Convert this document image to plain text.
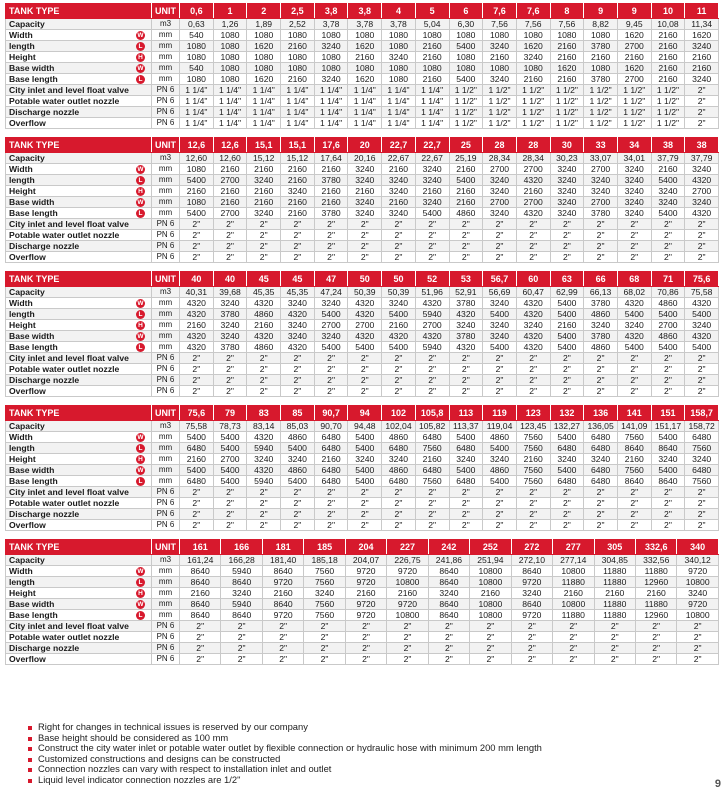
TANK TYPE	UNIT	0,6	1	2	2,5	3,8	3,8	4	5	6	7,6	7,6	8	9	9	10	11
Capacity	m3	0,63	1,26	1,89	2,52	3,78	3,78	3,78	5,04	6,30	7,56	7,56	7,56	8,82	9,45	10,08	11,34
Width W	mm	540	1080	1080	1080	1080	1080	1080	1080	1080	1080	1080	1080	1080	1620	2160	1620
length L	mm	1080	1080	1620	2160	3240	1620	1080	2160	5400	3240	1620	2160	3780	2700	2160	3240
Height H	mm	1080	1080	1080	1080	1080	2160	3240	2160	1080	2160	3240	2160	2160	2160	2160	2160
Base width W	mm	540	1080	1080	1080	1080	1080	1080	1080	1080	1080	1080	1620	1080	1620	2160	2160
Base length L	mm	1080	1080	1620	2160	3240	1620	1080	2160	5400	3240	2160	2160	3780	2700	2160	3240
City inlet and level float valve	PN 6	1 1/4"	1 1/4"	1 1/4"	1 1/4"	1 1/4"	1 1/4"	1 1/4"	1 1/4"	1 1/2"	1 1/2"	1 1/2"	1 1/2"	1 1/2"	1 1/2"	1 1/2"	2"
Potable water outlet nozzle	PN 6	1 1/4"	1 1/4"	1 1/4"	1 1/4"	1 1/4"	1 1/4"	1 1/4"	1 1/4"	1 1/2"	1 1/2"	1 1/2"	1 1/2"	1 1/2"	1 1/2"	1 1/2"	2"
Discharge nozzle	PN 6	1 1/4"	1 1/4"	1 1/4"	1 1/4"	1 1/4"	1 1/4"	1 1/4"	1 1/4"	1 1/2"	1 1/2"	1 1/2"	1 1/2"	1 1/2"	1 1/2"	1 1/2"	2"
Overflow	PN 6	1 1/4"	1 1/4"	1 1/4"	1 1/4"	1 1/4"	1 1/4"	1 1/4"	1 1/4"	1 1/2"	1 1/2"	1 1/2"	1 1/2"	1 1/2"	1 1/2"	1 1/2"	2"
TANK TYPE	UNIT	12,6	12,6	15,1	15,1	17,6	20	22,7	22,7	25	28	28	30	33	34	38	38
Capacity	m3	12,60	12,60	15,12	15,12	17,64	20,16	22,67	22,67	25,19	28,34	28,34	30,23	33,07	34,01	37,79	37,79
Width W	mm	1080	2160	2160	2160	2160	3240	2160	3240	2160	2700	2700	3240	2700	3240	2160	3240
length L	mm	5400	2700	3240	2160	3780	3240	3240	3240	5400	3240	4320	3240	3240	3240	5400	4320
Height H	mm	2160	2160	2160	3240	2160	2160	3240	2160	2160	3240	2160	3240	3240	3240	3240	2700
Base width W	mm	1080	2160	2160	2160	2160	3240	2160	3240	2160	2700	2700	3240	2700	3240	3240	3240
Base length L	mm	5400	2700	3240	2160	3780	3240	3240	5400	4860	3240	4320	3240	3780	3240	5400	4320
City inlet and level float valve	PN 6	2"	2"	2"	2"	2"	2"	2"	2"	2"	2"	2"	2"	2"	2"	2"	2"
Potable water outlet nozzle	PN 6	2"	2"	2"	2"	2"	2"	2"	2"	2"	2"	2"	2"	2"	2"	2"	2"
Discharge nozzle	PN 6	2"	2"	2"	2"	2"	2"	2"	2"	2"	2"	2"	2"	2"	2"	2"	2"
Overflow	PN 6	2"	2"	2"	2"	2"	2"	2"	2"	2"	2"	2"	2"	2"	2"	2"	2"
TANK TYPE	UNIT	40	40	45	45	47	50	50	52	53	56,7	60	63	66	68	71	75,6
Capacity	m3	40,31	39,68	45,35	45,35	47,24	50,39	50,39	51,96	52,91	56,69	60,47	62,99	66,13	68,02	70,86	75,58
Width W	mm	4320	3240	4320	3240	3240	4320	3240	4320	3780	3240	4320	5400	3780	4320	4860	4320
length L	mm	4320	3780	4860	4320	5400	4320	5400	5940	4320	5400	4320	5400	4860	5400	5400	5400
Height H	mm	2160	3240	2160	3240	2700	2700	2160	2700	3240	3240	3240	2160	3240	3240	2700	3240
Base width W	mm	4320	3240	4320	3240	3240	4320	4320	4320	3780	3240	4320	5400	3780	4320	4860	4320
Base length L	mm	4320	3780	4860	4320	5400	5400	5400	5940	4320	5400	4320	5400	4860	5400	5400	5400
City inlet and level float valve	PN 6	2"	2"	2"	2"	2"	2"	2"	2"	2"	2"	2"	2"	2"	2"	2"	2"
Potable water outlet nozzle	PN 6	2"	2"	2"	2"	2"	2"	2"	2"	2"	2"	2"	2"	2"	2"	2"	2"
Discharge nozzle	PN 6	2"	2"	2"	2"	2"	2"	2"	2"	2"	2"	2"	2"	2"	2"	2"	2"
Overflow	PN 6	2"	2"	2"	2"	2"	2"	2"	2"	2"	2"	2"	2"	2"	2"	2"	2"
TANK TYPE	UNIT	75,6	79	83	85	90,7	94	102	105,8	113	119	123	132	136	141	151	158,7
Capacity	m3	75,58	78,73	83,14	85,03	90,70	94,48	102,04	105,82	113,37	119,04	123,45	132,27	136,05	141,09	151,17	158,72
Width W	mm	5400	5400	4320	4860	6480	5400	4860	6480	5400	4860	7560	5400	6480	7560	5400	6480
length L	mm	6480	5400	5940	5400	6480	5400	6480	7560	6480	5400	7560	6480	6480	8640	8640	7560
Height H	mm	2160	2700	3240	3240	2160	3240	3240	2160	3240	3240	2160	3240	3240	2160	3240	3240
Base width W	mm	5400	5400	4320	4860	6480	5400	4860	6480	5400	4860	7560	5400	6480	7560	5400	6480
Base length L	mm	6480	5400	5940	5400	6480	5400	6480	7560	6480	5400	7560	6480	6480	8640	8640	7560
City inlet and level float valve	PN 6	2"	2"	2"	2"	2"	2"	2"	2"	2"	2"	2"	2"	2"	2"	2"	2"
Potable water outlet nozzle	PN 6	2"	2"	2"	2"	2"	2"	2"	2"	2"	2"	2"	2"	2"	2"	2"	2"
Discharge nozzle	PN 6	2"	2"	2"	2"	2"	2"	2"	2"	2"	2"	2"	2"	2"	2"	2"	2"
Overflow	PN 6	2"	2"	2"	2"	2"	2"	2"	2"	2"	2"	2"	2"	2"	2"	2"	2"
TANK TYPE	UNIT	161	166	181	185	204	227	242	252	272	277	305	332,6	340
Capacity	m3	161,24	166,28	181,40	185,18	204,07	226,75	241,86	251,94	272,10	277,14	304,85	332,56	340,12
Width W	mm	8640	5940	8640	7560	9720	9720	8640	10800	8640	10800	11880	11880	9720
length L	mm	8640	8640	9720	7560	9720	10800	8640	10800	9720	11880	11880	12960	10800
Height H	mm	2160	3240	2160	3240	2160	2160	3240	2160	3240	2160	2160	2160	3240
Base width W	mm	8640	5940	8640	7560	9720	9720	8640	10800	8640	10800	11880	11880	9720
Base length L	mm	8640	8640	9720	7560	9720	10800	8640	10800	9720	11880	11880	12960	10800
City inlet and level float valve	PN 6	2"	2"	2"	2"	2"	2"	2"	2"	2"	2"	2"	2"	2"
Potable water outlet nozzle	PN 6	2"	2"	2"	2"	2"	2"	2"	2"	2"	2"	2"	2"	2"
Discharge nozzle	PN 6	2"	2"	2"	2"	2"	2"	2"	2"	2"	2"	2"	2"	2"
Overflow	PN 6	2"	2"	2"	2"	2"	2"	2"	2"	2"	2"	2"	2"	2"
Right for changes in technical issues is reserved by our company
Base height should be considered as 100 mm
Construct the city water inlet or potable water outlet by flexible connection or hydraulic hose with minimum 200 mm length
Customized constructions and designs can be constructed
Connection nozzles can vary with respect to installation inlet and outlet
Liquid level indicator connection nozzles are 1/2"	9
